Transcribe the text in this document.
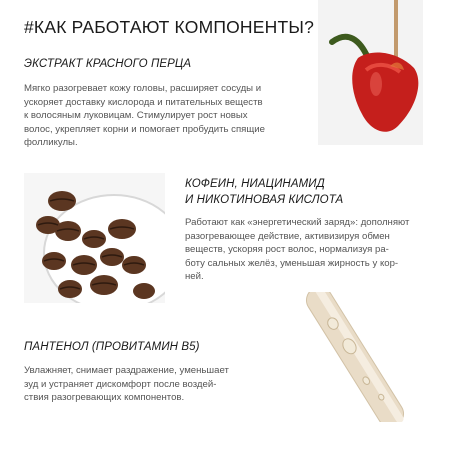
#КАК РАБОТАЮТ КОМПОНЕНТЫ?
ЭКСТРАКТ КРАСНОГО ПЕРЦА
Мягко разогревает кожу головы, расширяет сосуды и
ускоряет доставку кислорода и питательных веществ
к волосяным луковицам. Стимулирует рост новых
волос, укрепляет корни и помогает пробудить спящие
фолликулы.
КОФЕИН, НИАЦИНАМИД
И НИКОТИНОВАЯ КИСЛОТА
Работают как «энергетический заряд»: дополняют
разогревающее действие, активизируя обмен
веществ, ускоряя рост волос, нормализуя ра-
боту сальных желёз, уменьшая жирность у кор-
ней.
ПАНТЕНОЛ (ПРОВИТАМИН В5)
Увлажняет, снимает раздражение, уменьшает
зуд и устраняет дискомфорт после воздей-
ствия разогревающих компонентов.
